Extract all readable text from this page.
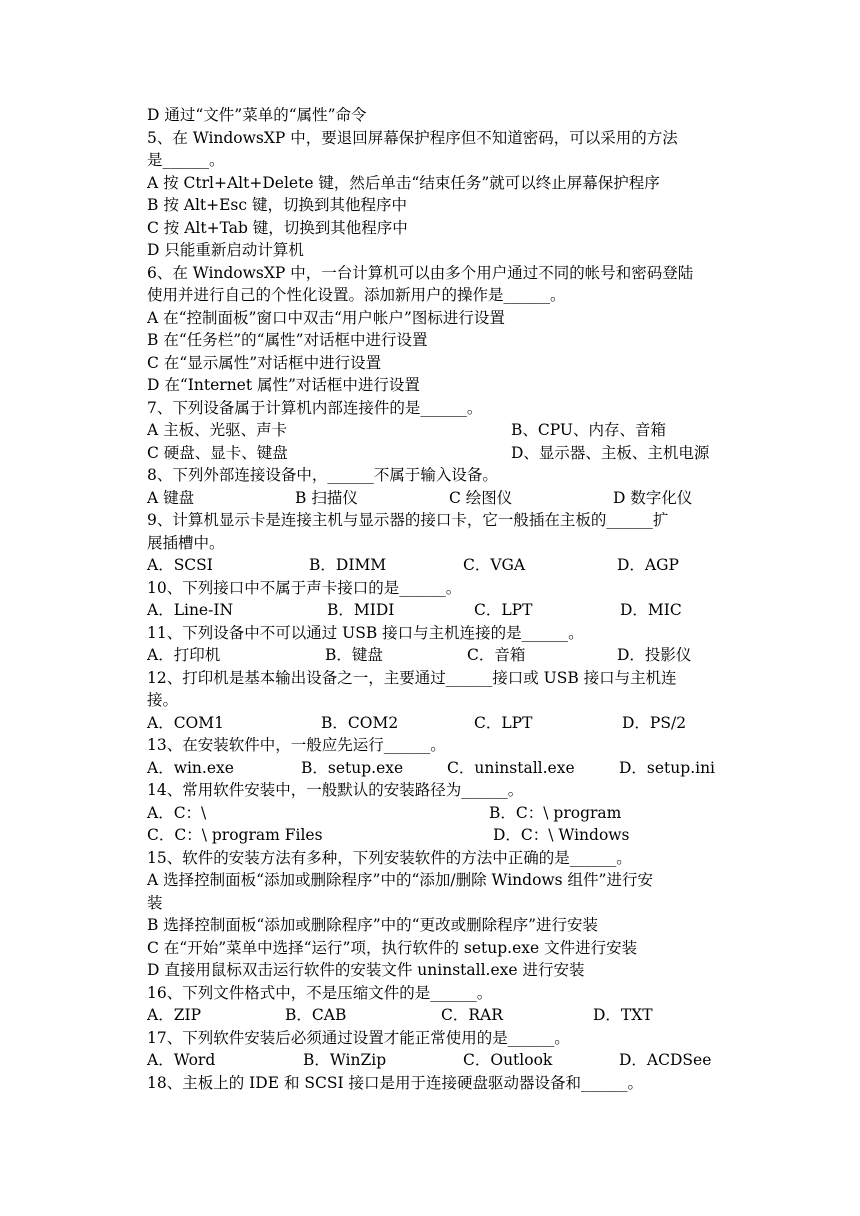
D 通过“文件”菜单的“属性”命令
5、在 WindowsXP 中，要退回屏幕保护程序但不知道密码，可以采用的方法
是______。
A 按 Ctrl+Alt+Delete 键，然后单击“结束任务”就可以终止屏幕保护程序
B 按 Alt+Esc 键，切换到其他程序中
C 按 Alt+Tab 键，切换到其他程序中
D 只能重新启动计算机
6、在 WindowsXP 中，一台计算机可以由多个用户通过不同的帐号和密码登陆
使用并进行自己的个性化设置。添加新用户的操作是______。
A 在“控制面板”窗口中双击“用户帐户”图标进行设置
B 在“任务栏”的“属性”对话框中进行设置
C 在“显示属性”对话框中进行设置
D 在“Internet 属性”对话框中进行设置
7、下列设备属于计算机内部连接件的是______。
A 主板、光驱、声卡	B、CPU、内存、音箱
C 硬盘、显卡、键盘	D、显示器、主板、主机电源
8、下列外部连接设备中，______不属于输入设备。
A 键盘	B 扫描仪	C 绘图仪	D 数字化仪
9、计算机显示卡是连接主机与显示器的接口卡，它一般插在主板的______扩
展插槽中。
A．SCSI	B．DIMM	C．VGA	D．AGP
10、下列接口中不属于声卡接口的是______。
A．Line-IN	B．MIDI	C．LPT	D．MIC
11、下列设备中不可以通过 USB 接口与主机连接的是______。
A．打印机	B．键盘	C．音箱	D．投影仪
12、打印机是基本输出设备之一，主要通过______接口或 USB 接口与主机连
接。
A．COM1	B．COM2	C．LPT	D．PS/2
13、在安装软件中，一般应先运行______。
A．win.exe	B．setup.exe	C．uninstall.exe	D．setup.ini
14、常用软件安装中，一般默认的安装路径为______。
A．C：\	B．C：\ program
C．C：\ program Files	D．C：\ Windows
15、软件的安装方法有多种，下列安装软件的方法中正确的是______。
A 选择控制面板“添加或删除程序”中的“添加/删除 Windows 组件”进行安
装
B 选择控制面板“添加或删除程序”中的“更改或删除程序”进行安装
C 在“开始”菜单中选择“运行”项，执行软件的 setup.exe 文件进行安装
D 直接用鼠标双击运行软件的安装文件 uninstall.exe 进行安装
16、下列文件格式中，不是压缩文件的是______。
A．ZIP	B．CAB	C．RAR	D．TXT
17、下列软件安装后必须通过设置才能正常使用的是______。
A．Word	B．WinZip	C．Outlook	D．ACDSee
18、主板上的 IDE 和 SCSI 接口是用于连接硬盘驱动器设备和______。
